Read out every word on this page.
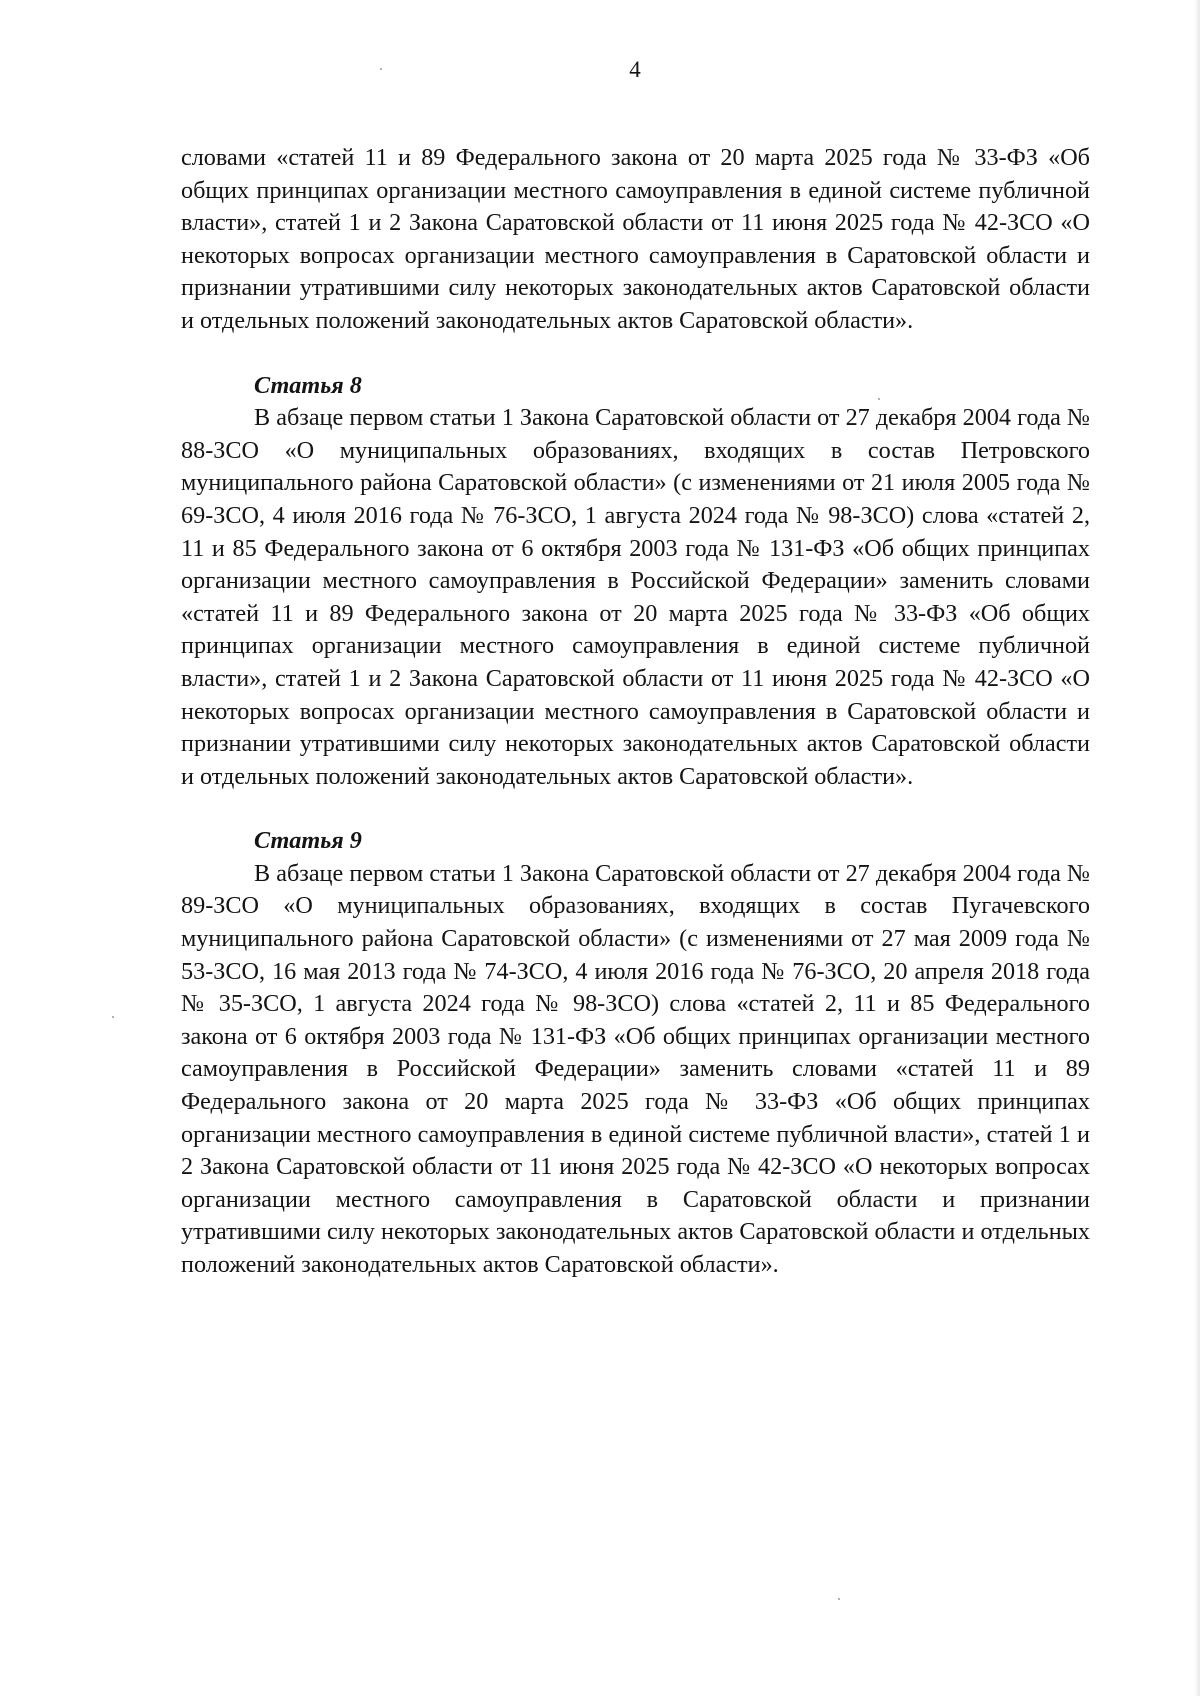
4

словами «статей 11 и 89 Федерального закона от 20 марта 2025 года № 33-ФЗ «Об общих принципах организации местного самоуправления в единой системе публичной власти», статей 1 и 2 Закона Саратовской области от 11 июня 2025 года № 42-ЗСО «О некоторых вопросах организации местного самоуправления в Саратовской области и признании утратившими силу некоторых законодательных актов Саратовской области и отдельных положений законодательных актов Саратовской области».

Статья 8

В абзаце первом статьи 1 Закона Саратовской области от 27 декабря 2004 года № 88-ЗСО «О муниципальных образованиях, входящих в состав Петровского муниципального района Саратовской области» (с изменениями от 21 июля 2005 года № 69-ЗСО, 4 июля 2016 года № 76-ЗСО, 1 августа 2024 года № 98-ЗСО) слова «статей 2, 11 и 85 Федерального закона от 6 октября 2003 года № 131-ФЗ «Об общих принципах организации местного самоуправления в Российской Федерации» заменить словами «статей 11 и 89 Федерального закона от 20 марта 2025 года № 33-ФЗ «Об общих принципах организации местного самоуправления в единой системе публичной власти», статей 1 и 2 Закона Саратовской области от 11 июня 2025 года № 42-ЗСО «О некоторых вопросах организации местного самоуправления в Саратовской области и признании утратившими силу некоторых законодательных актов Саратовской области и отдельных положений законодательных актов Саратовской области».

Статья 9

В абзаце первом статьи 1 Закона Саратовской области от 27 декабря 2004 года № 89-ЗСО «О муниципальных образованиях, входящих в состав Пугачевского муниципального района Саратовской области» (с изменениями от 27 мая 2009 года № 53-ЗСО, 16 мая 2013 года № 74-ЗСО, 4 июля 2016 года № 76-ЗСО, 20 апреля 2018 года № 35-ЗСО, 1 августа 2024 года № 98-ЗСО) слова «статей 2, 11 и 85 Федерального закона от 6 октября 2003 года № 131-ФЗ «Об общих принципах организации местного самоуправления в Российской Федерации» заменить словами «статей 11 и 89 Федерального закона от 20 марта 2025 года № 33-ФЗ «Об общих принципах организации местного самоуправления в единой системе публичной власти», статей 1 и 2 Закона Саратовской области от 11 июня 2025 года № 42-ЗСО «О некоторых вопросах организации местного самоуправления в Саратовской области и признании утратившими силу некоторых законодательных актов Саратовской области и отдельных положений законодательных актов Саратовской области».
